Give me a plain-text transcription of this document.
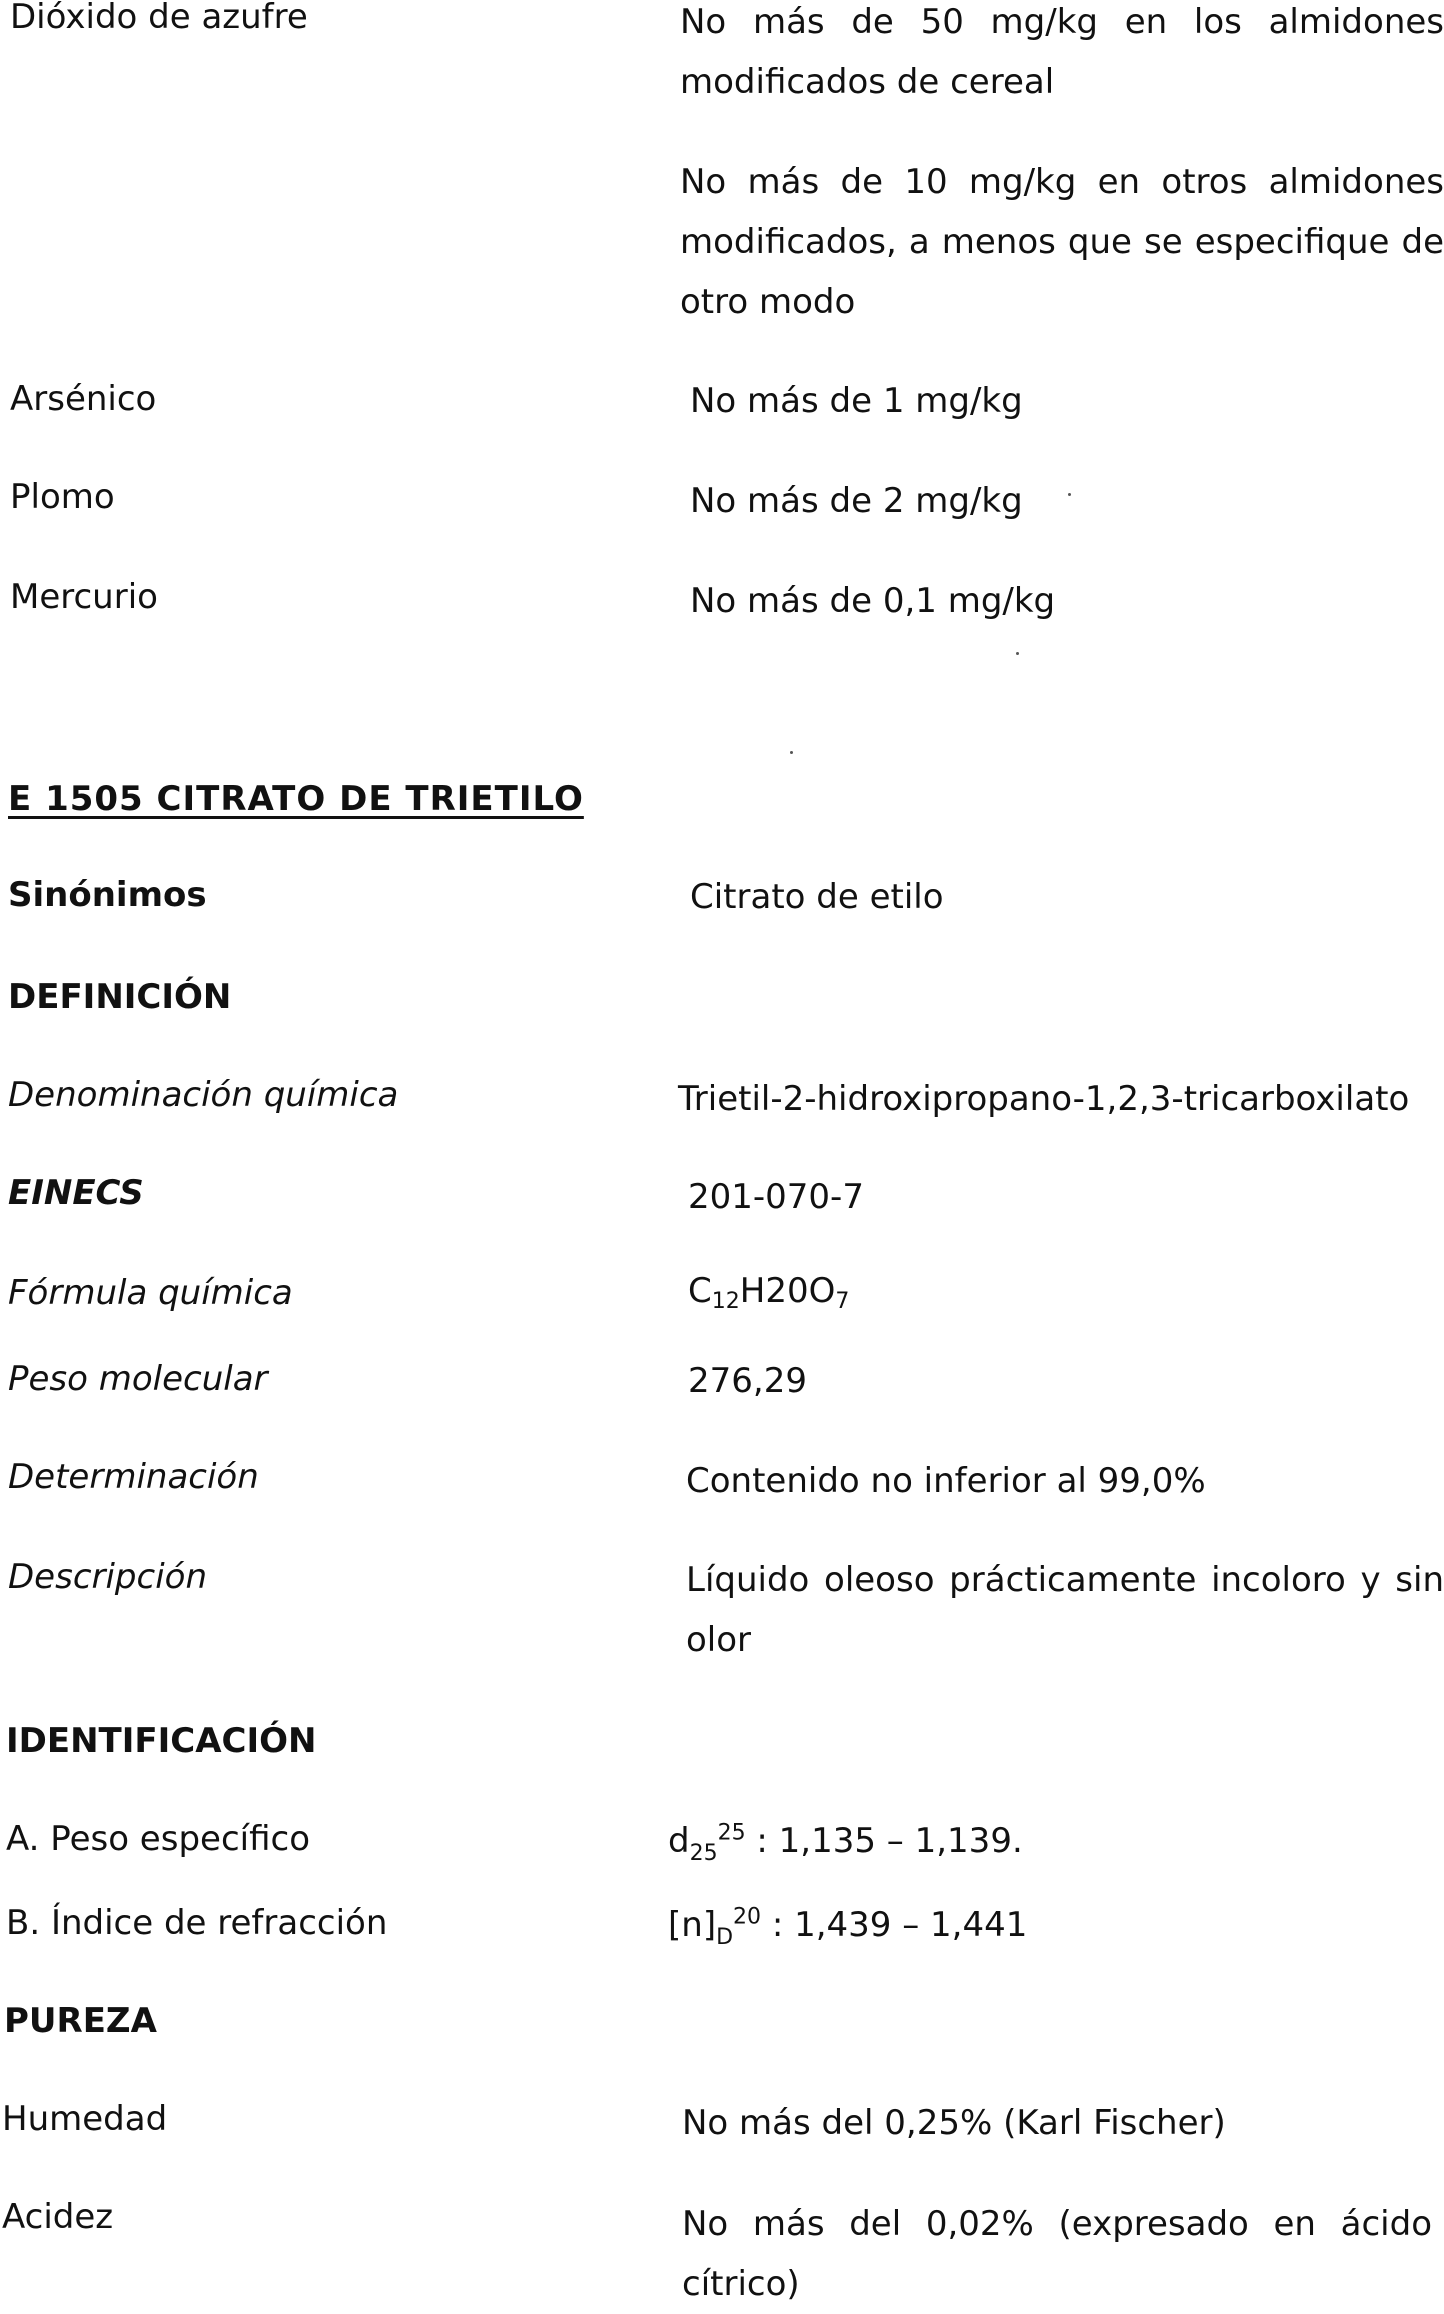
Dióxido de azufre	No más de 50 mg/kg en los almidones modificados de cereal
No más de 10 mg/kg en otros almidones modificados, a menos que se especifique de otro modo
Arsénico	No más de 1 mg/kg
Plomo	No más de 2 mg/kg
Mercurio	No más de 0,1 mg/kg
E 1505 CITRATO DE TRIETILO
Sinónimos	Citrato de etilo
DEFINICIÓN
Denominación química	Trietil-2-hidroxipropano-1,2,3-tricarboxilato
EINECS	201-070-7
Fórmula química	$C_{12}H20O_7$
Peso molecular	276,29
Determinación	Contenido no inferior al 99,0%
Descripción	Líquido oleoso prácticamente incoloro y sin olor
IDENTIFICACIÓN
A. Peso específico	$d_{25}^{25}$ : 1,135 – 1,139.
B. Índice de refracción	$[n]_D^{20}$ : 1,439 – 1,441
PUREZA
Humedad	No más del 0,25% (Karl Fischer)
Acidez	No más del 0,02% (expresado en ácido cítrico)
